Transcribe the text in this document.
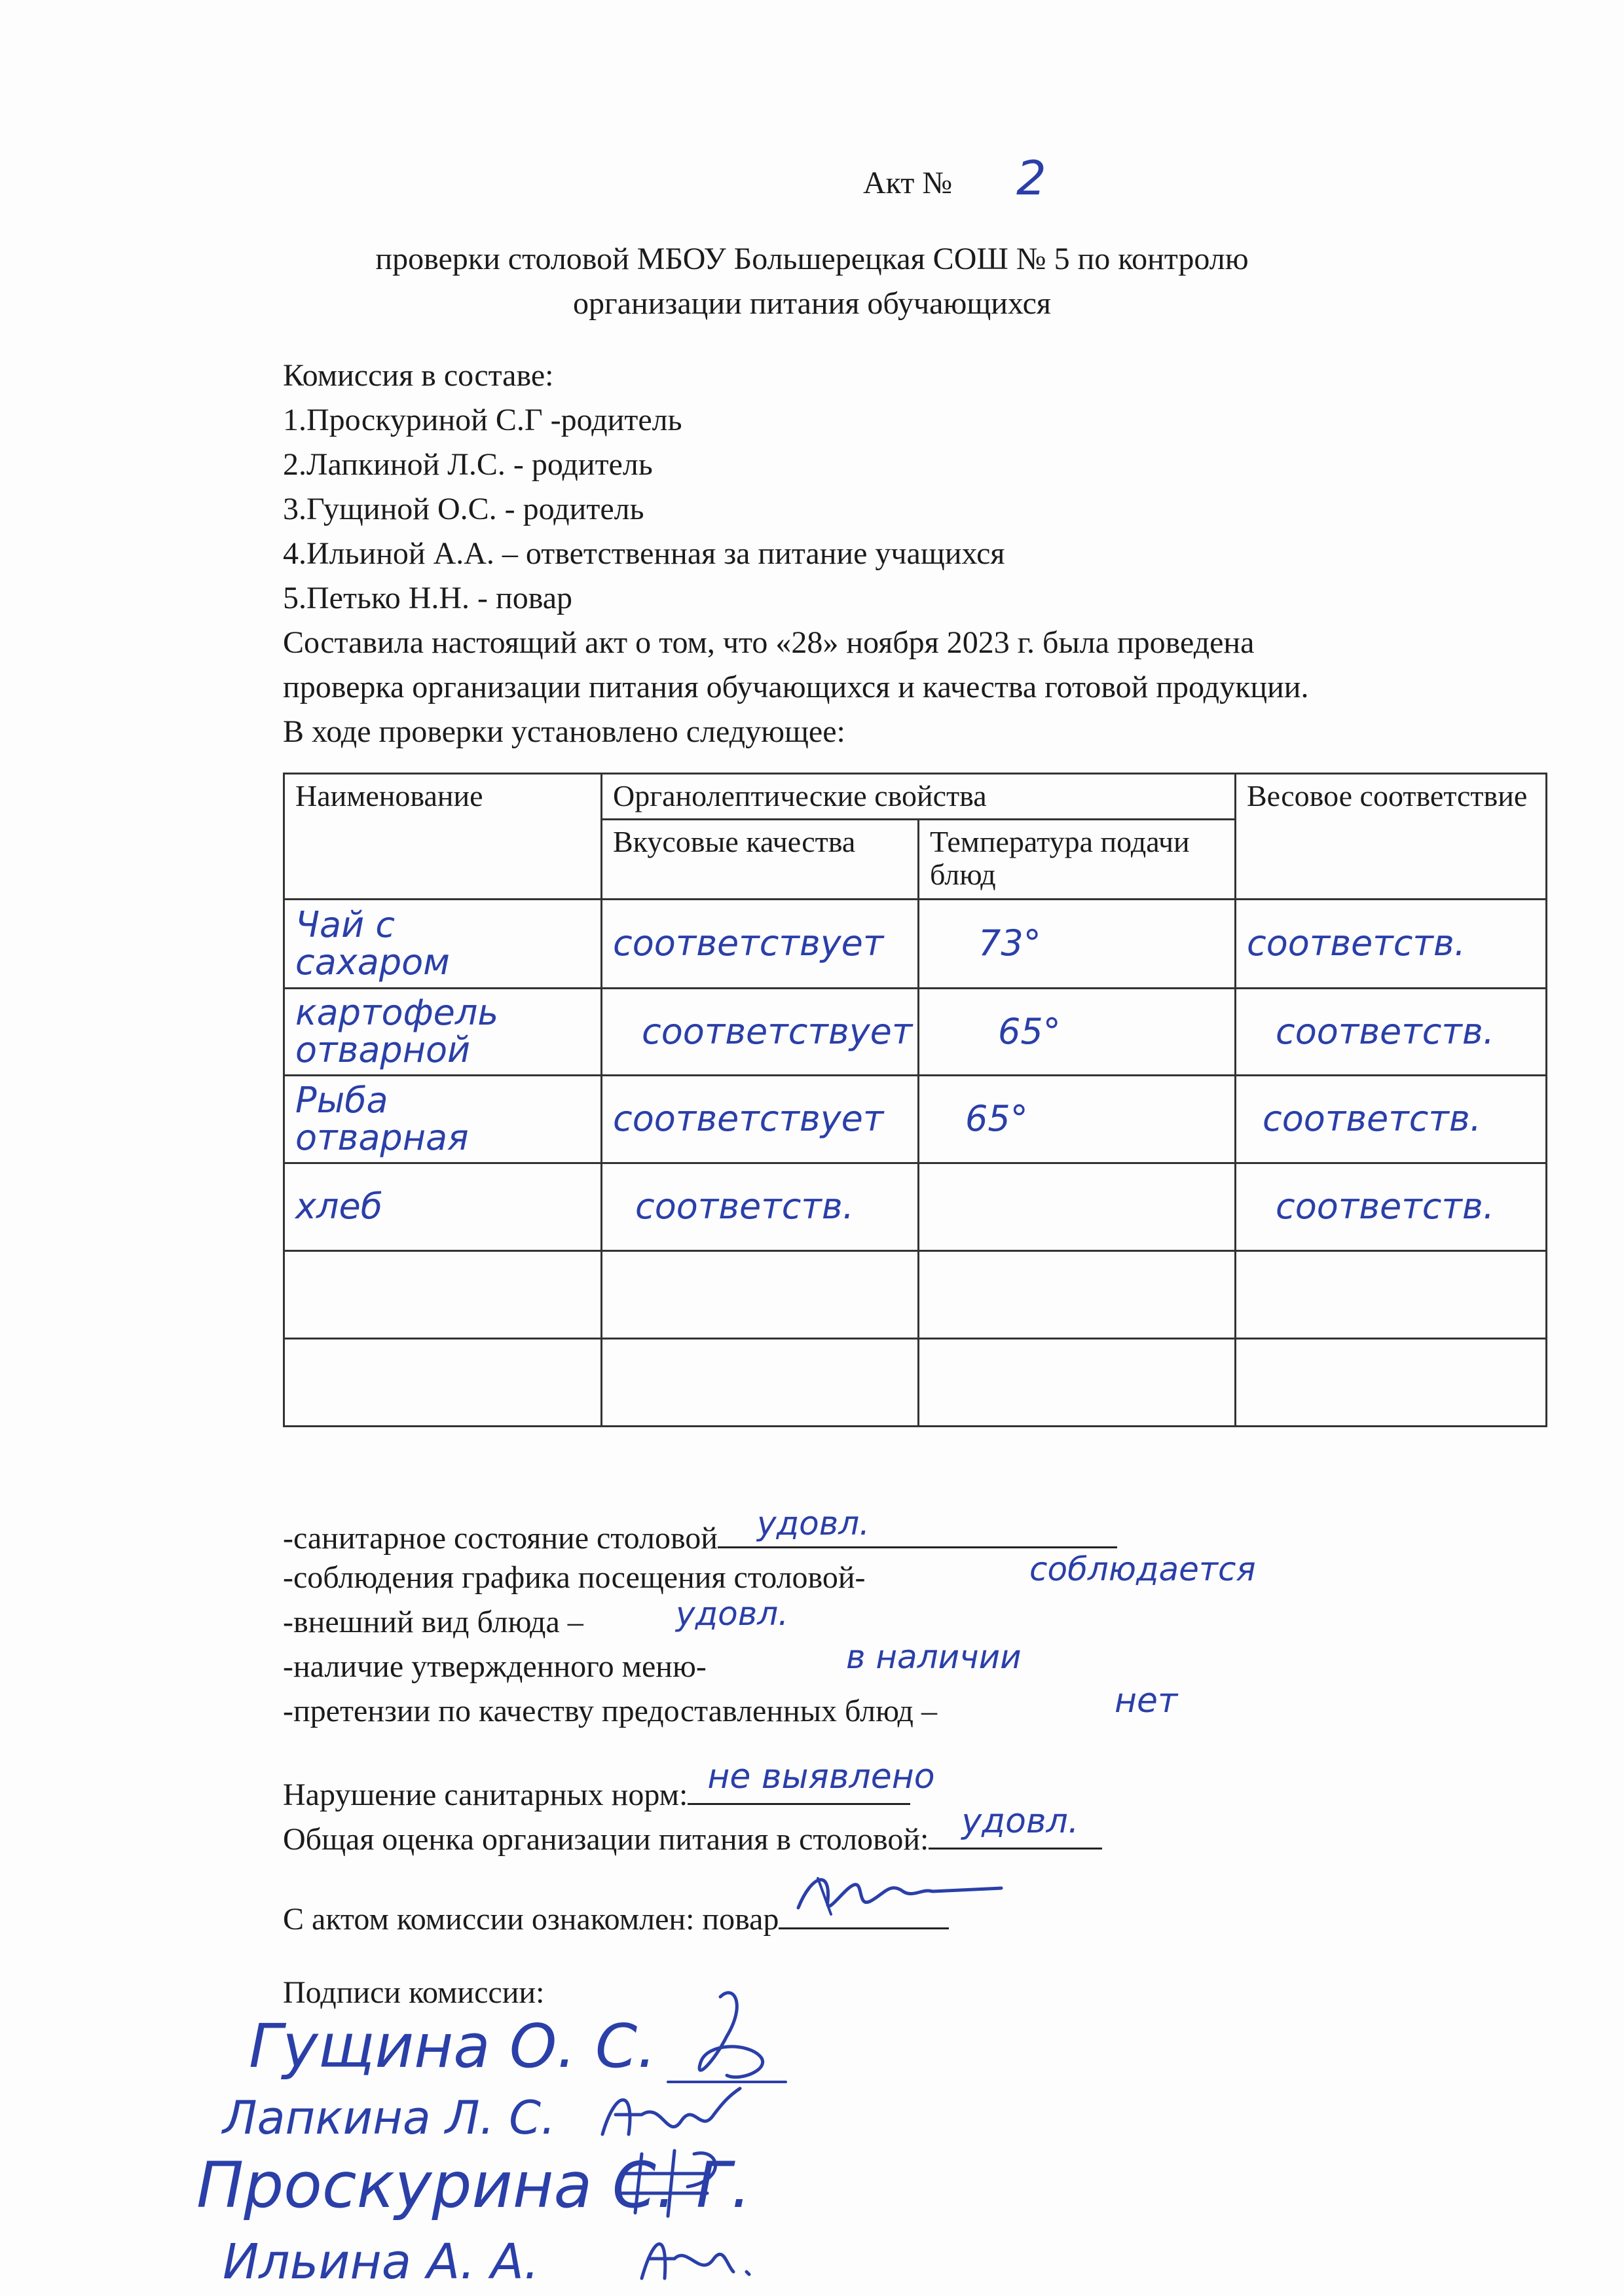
Акт № 2
проверки столовой МБОУ Большерецкая СОШ № 5 по контролю
организации питания обучающихся
Комиссия в составе:
1.Проскуриной С.Г -родитель
2.Лапкиной Л.С. - родитель
3.Гущиной О.С. - родитель
4.Ильиной А.А. – ответственная за питание учащихся
5.Петько Н.Н. - повар
Составила настоящий акт о том, что «28» ноября 2023 г. была проведена
проверка организации питания обучающихся и качества готовой продукции.
В ходе проверки установлено следующее:
Наименование	Органолептические свойства		Весовое соответствие
	Вкусовые качества	Температура подачи блюд	

Чай с сахаром	соответствует	73°	соответств.

картофель отварной	соответствует	65°	соответств.

Рыба отварная	соответствует	65°	соответств.
хлеб	соответств.		соответств.

-санитарное состояние столовой удовл.
-соблюдения графика посещения столовой-	соблюдается
-внешний вид блюда –	удовл.
-наличие утвержденного меню-	в наличии
-претензии по качеству предоставленных блюд –	нет
Нарушение санитарных норм: не выявлено
Общая оценка организации питания в столовой: удовл.
С актом комиссии ознакомлен: повар
Подписи комиссии:
Гущина О. С.
Лапкина Л. С.
Проскурина С. Г.
Ильина А. А.
